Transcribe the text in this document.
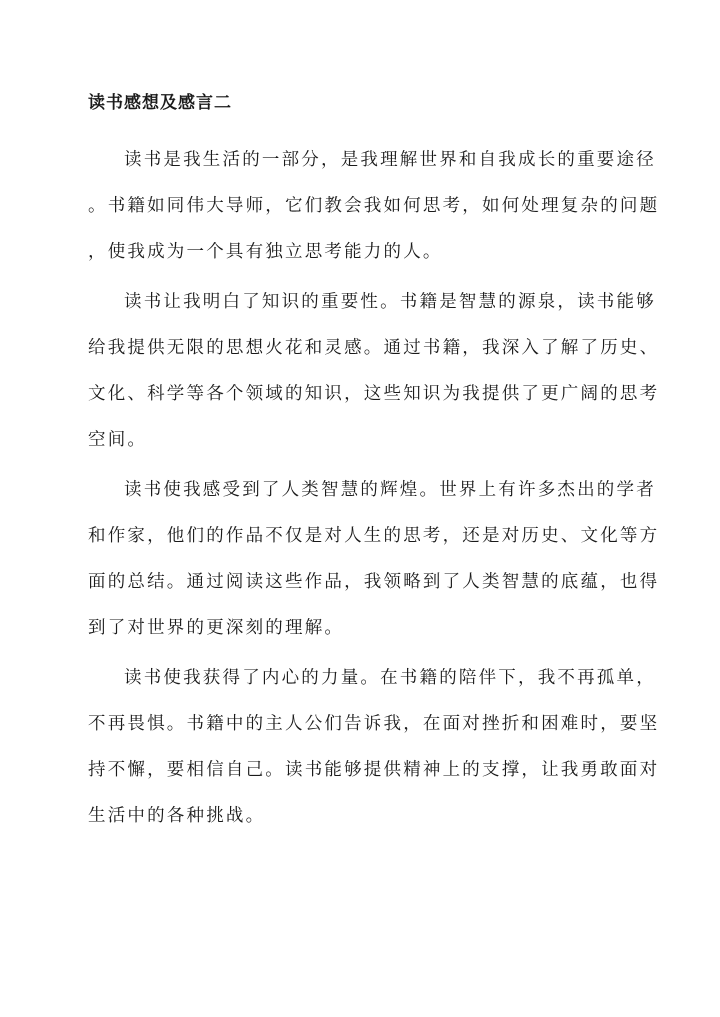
读书感想及感言二
读书是我生活的一部分，是我理解世界和自我成长的重要途径
。书籍如同伟大导师，它们教会我如何思考，如何处理复杂的问题
，使我成为一个具有独立思考能力的人。
读书让我明白了知识的重要性。书籍是智慧的源泉，读书能够
给我提供无限的思想火花和灵感。通过书籍，我深入了解了历史、
文化、科学等各个领域的知识，这些知识为我提供了更广阔的思考
空间。
读书使我感受到了人类智慧的辉煌。世界上有许多杰出的学者
和作家，他们的作品不仅是对人生的思考，还是对历史、文化等方
面的总结。通过阅读这些作品，我领略到了人类智慧的底蕴，也得
到了对世界的更深刻的理解。
读书使我获得了内心的力量。在书籍的陪伴下，我不再孤单，
不再畏惧。书籍中的主人公们告诉我，在面对挫折和困难时，要坚
持不懈，要相信自己。读书能够提供精神上的支撑，让我勇敢面对
生活中的各种挑战。
